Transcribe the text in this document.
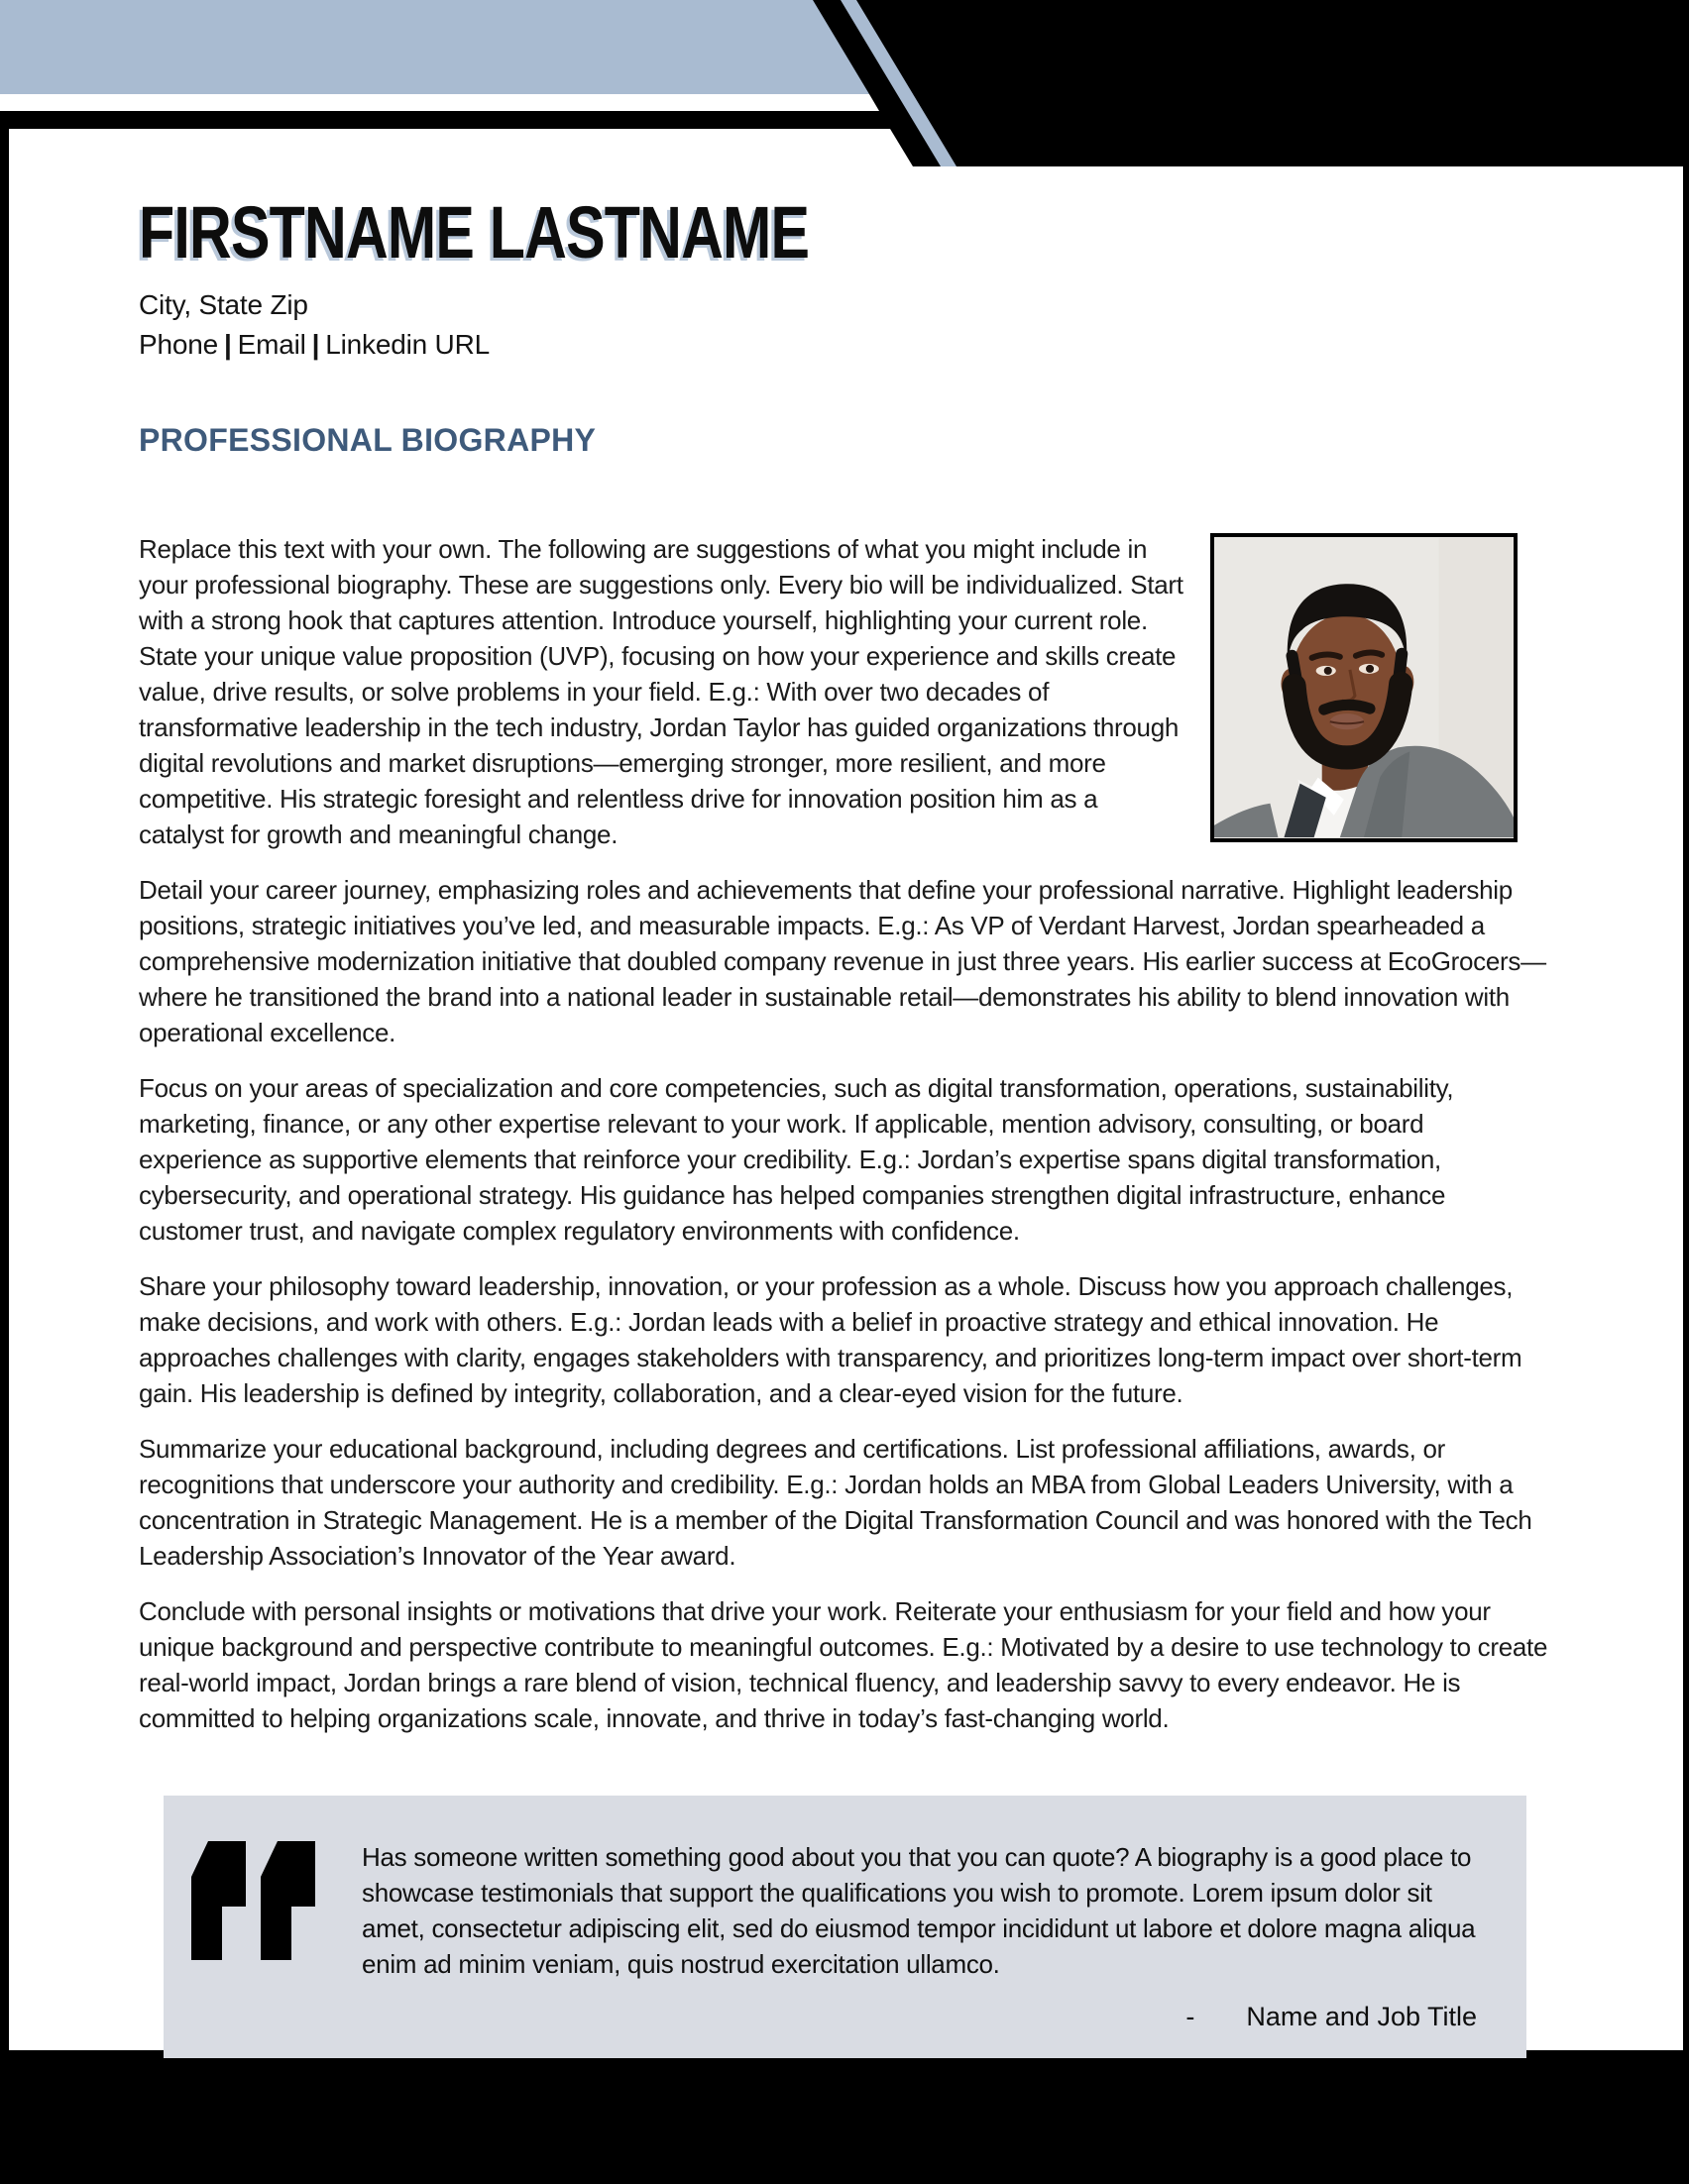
FIRSTNAME LASTNAME
City, State Zip
Phone | Email | Linkedin URL
PROFESSIONAL BIOGRAPHY

Replace this text with your own. The following are suggestions of what you might include in your professional biography. These are suggestions only. Every bio will be individualized. Start with a strong hook that captures attention. Introduce yourself, highlighting your current role. State your unique value proposition (UVP), focusing on how your experience and skills create value, drive results, or solve problems in your field. E.g.: With over two decades of transformative leadership in the tech industry, Jordan Taylor has guided organizations through digital revolutions and market disruptions—emerging stronger, more resilient, and more competitive. His strategic foresight and relentless drive for innovation position him as a catalyst for growth and meaningful change.

Detail your career journey, emphasizing roles and achievements that define your professional narrative. Highlight leadership positions, strategic initiatives you’ve led, and measurable impacts. E.g.: As VP of Verdant Harvest, Jordan spearheaded a comprehensive modernization initiative that doubled company revenue in just three years. His earlier success at EcoGrocers—where he transitioned the brand into a national leader in sustainable retail—demonstrates his ability to blend innovation with operational excellence.

Focus on your areas of specialization and core competencies, such as digital transformation, operations, sustainability, marketing, finance, or any other expertise relevant to your work. If applicable, mention advisory, consulting, or board experience as supportive elements that reinforce your credibility. E.g.: Jordan’s expertise spans digital transformation, cybersecurity, and operational strategy. His guidance has helped companies strengthen digital infrastructure, enhance customer trust, and navigate complex regulatory environments with confidence.

Share your philosophy toward leadership, innovation, or your profession as a whole. Discuss how you approach challenges, make decisions, and work with others. E.g.: Jordan leads with a belief in proactive strategy and ethical innovation. He approaches challenges with clarity, engages stakeholders with transparency, and prioritizes long-term impact over short-term gain. His leadership is defined by integrity, collaboration, and a clear-eyed vision for the future.

Summarize your educational background, including degrees and certifications. List professional affiliations, awards, or recognitions that underscore your authority and credibility. E.g.: Jordan holds an MBA from Global Leaders University, with a concentration in Strategic Management. He is a member of the Digital Transformation Council and was honored with the Tech Leadership Association’s Innovator of the Year award.

Conclude with personal insights or motivations that drive your work. Reiterate your enthusiasm for your field and how your unique background and perspective contribute to meaningful outcomes. E.g.: Motivated by a desire to use technology to create real-world impact, Jordan brings a rare blend of vision, technical fluency, and leadership savvy to every endeavor. He is committed to helping organizations scale, innovate, and thrive in today’s fast-changing world.

Has someone written something good about you that you can quote? A biography is a good place to showcase testimonials that support the qualifications you wish to promote. Lorem ipsum dolor sit amet, consectetur adipiscing elit, sed do eiusmod tempor incididunt ut labore et dolore magna aliqua enim ad minim veniam, quis nostrud exercitation ullamco.
- Name and Job Title
